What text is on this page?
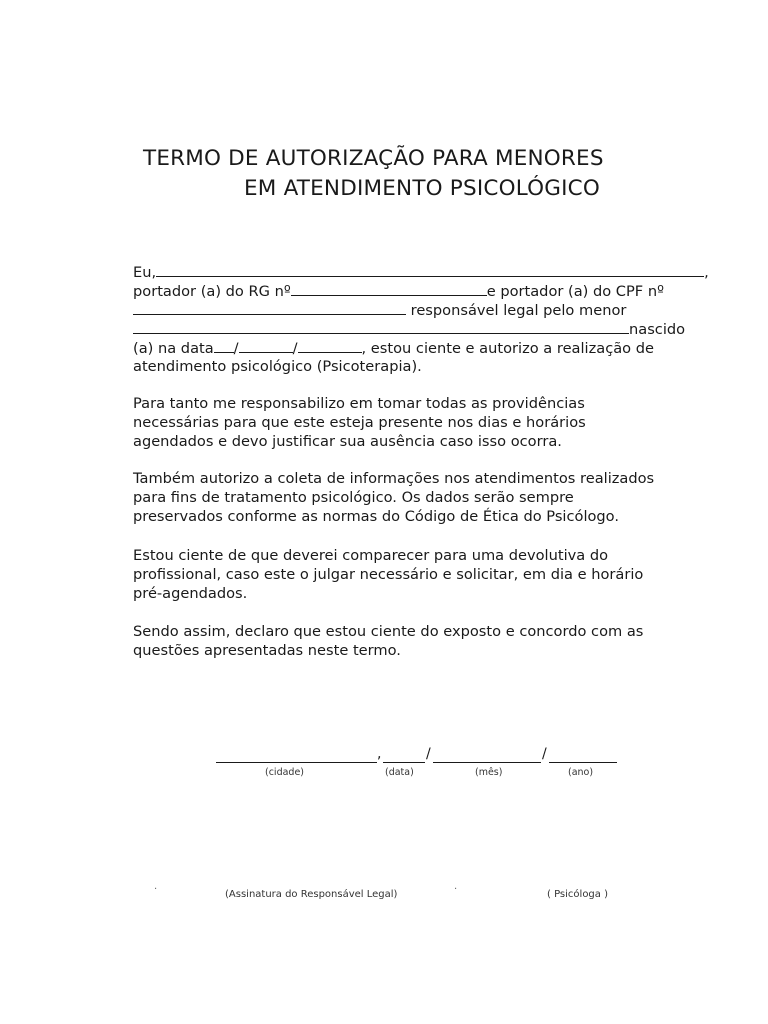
TERMO DE AUTORIZAÇÃO PARA MENORES
EM ATENDIMENTO PSICOLÓGICO
Eu,	,
portador (a) do RG nº	e portador (a) do CPF nº
responsável legal pelo menor
nascido
(a) na data /	/	, estou ciente e autorizo a realização de
atendimento psicológico (Psicoterapia).
Para tanto me responsabilizo em tomar todas as providências
necessárias para que este esteja presente nos dias e horários
agendados e devo justificar sua ausência caso isso ocorra.
Também autorizo a coleta de informações nos atendimentos realizados
para fins de tratamento psicológico. Os dados serão sempre
preservados conforme as normas do Código de Ética do Psicólogo.
Estou ciente de que deverei comparecer para uma devolutiva do
profissional, caso este o julgar necessário e solicitar, em dia e horário
pré-agendados.
Sendo assim, declaro que estou ciente do exposto e concordo com as
questões apresentadas neste termo.
,	/	/
(cidade)	(data)	(mês)	(ano)
·	(Assinatura do Responsável Legal)	·	( Psicóloga )
